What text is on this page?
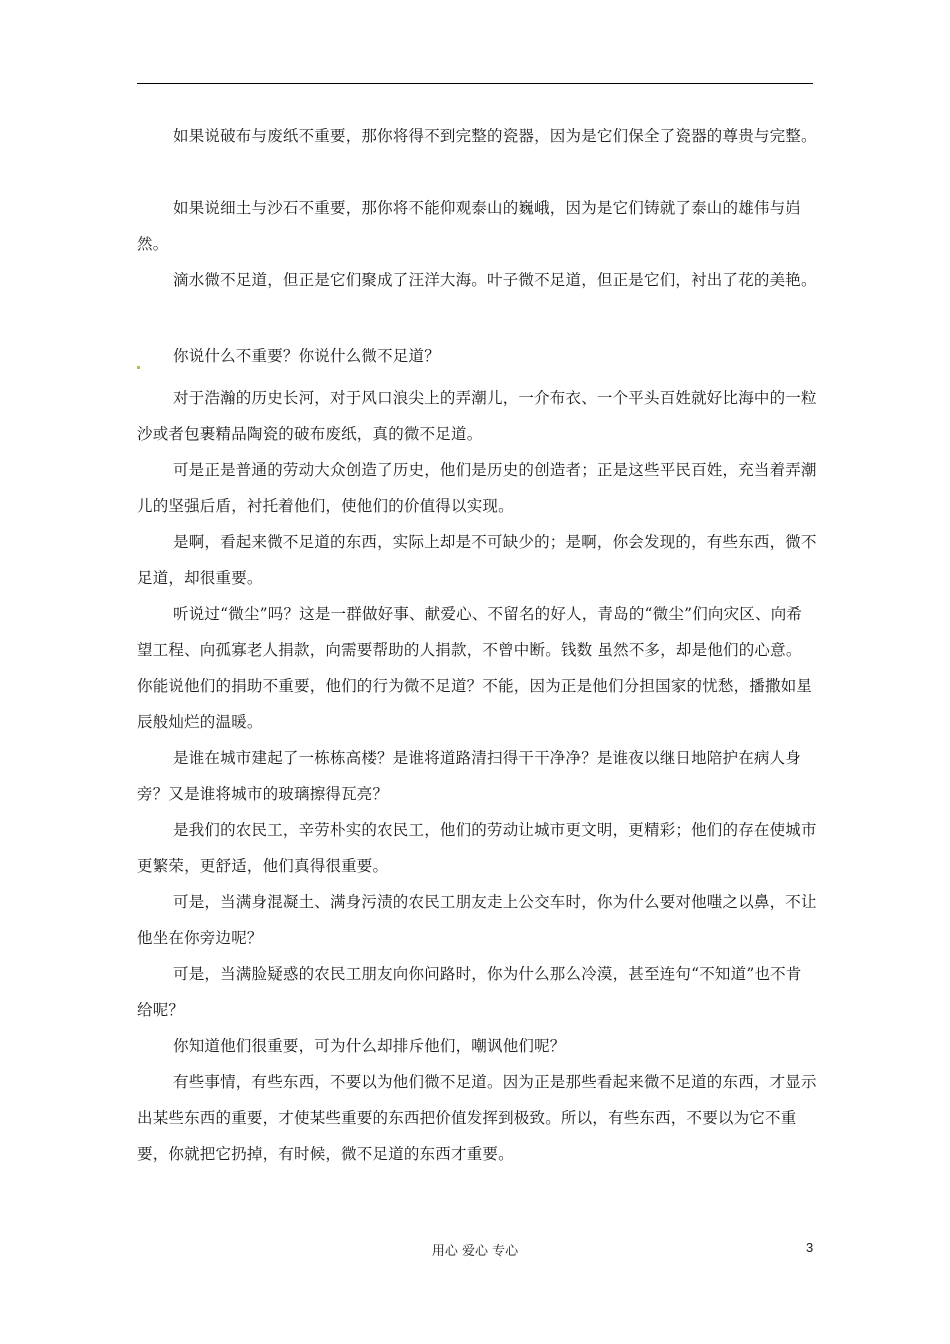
如果说破布与废纸不重要，那你将得不到完整的瓷器，因为是它们保全了瓷器的尊贵与完整。

如果说细土与沙石不重要，那你将不能仰观泰山的巍峨，因为是它们铸就了泰山的雄伟与岿然。

滴水微不足道，但正是它们聚成了汪洋大海。叶子微不足道，但正是它们，衬出了花的美艳。

你说什么不重要？你说什么微不足道？

对于浩瀚的历史长河，对于风口浪尖上的弄潮儿，一介布衣、一个平头百姓就好比海中的一粒沙或者包裹精品陶瓷的破布废纸，真的微不足道。

可是正是普通的劳动大众创造了历史，他们是历史的创造者；正是这些平民百姓，充当着弄潮儿的坚强后盾，衬托着他们，使他们的价值得以实现。

是啊，看起来微不足道的东西，实际上却是不可缺少的；是啊，你会发现的，有些东西，微不足道，却很重要。

听说过“微尘”吗？这是一群做好事、献爱心、不留名的好人，青岛的“微尘”们向灾区、向希望工程、向孤寡老人捐款，向需要帮助的人捐款，不曾中断。钱数 虽然不多，却是他们的心意。你能说他们的捐助不重要，他们的行为微不足道？不能，因为正是他们分担国家的忧愁，播撒如星辰般灿烂的温暖。

是谁在城市建起了一栋栋高楼？是谁将道路清扫得干干净净？是谁夜以继日地陪护在病人身旁？又是谁将城市的玻璃擦得瓦亮？

是我们的农民工，辛劳朴实的农民工，他们的劳动让城市更文明，更精彩；他们的存在使城市更繁荣，更舒适，他们真得很重要。

可是，当满身混凝土、满身污渍的农民工朋友走上公交车时，你为什么要对他嗤之以鼻，不让他坐在你旁边呢？

可是，当满脸疑惑的农民工朋友向你问路时，你为什么那么冷漠，甚至连句“不知道”也不肯给呢？

你知道他们很重要，可为什么却排斥他们，嘲讽他们呢？

有些事情，有些东西，不要以为他们微不足道。因为正是那些看起来微不足道的东西，才显示出某些东西的重要，才使某些重要的东西把价值发挥到极致。所以，有些东西，不要以为它不重要，你就把它扔掉，有时候，微不足道的东西才重要。

用心 爱心 专心	3
